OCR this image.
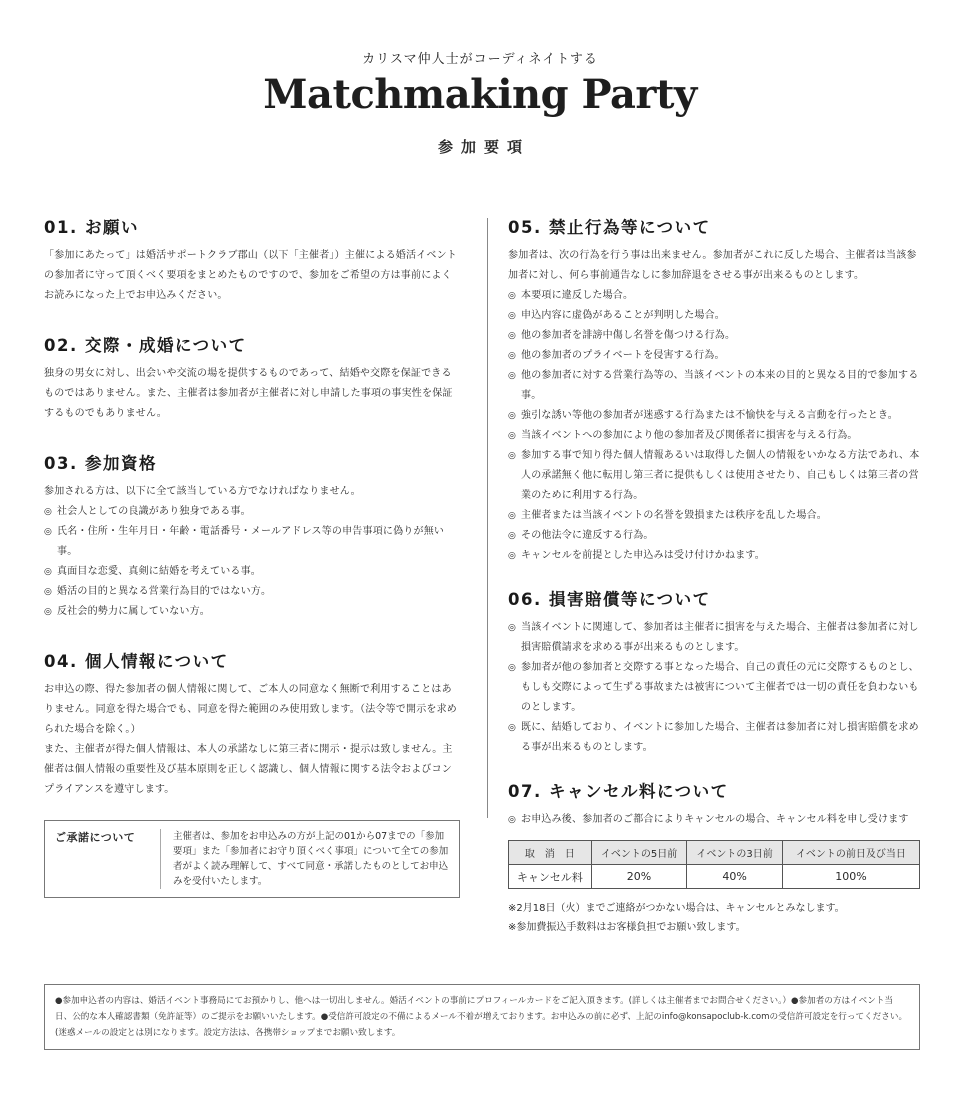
カリスマ仲人士がコーディネイトする
Matchmaking Party
参加要項
01. お願い
「参加にあたって」は婚活サポートクラブ郡山（以下「主催者」）主催による婚活イベントの参加者に守って頂くべく要項をまとめたものですので、参加をご希望の方は事前によくお読みになった上でお申込みください。
02. 交際・成婚について
独身の男女に対し、出会いや交流の場を提供するものであって、結婚や交際を保証できるものではありません。また、主催者は参加者が主催者に対し申請した事項の事実性を保証するものでもありません。
03. 参加資格
参加される方は、以下に全て該当している方でなければなりません。
◎ 社会人としての良識があり独身である事。
◎ 氏名・住所・生年月日・年齢・電話番号・メールアドレス等の申告事項に偽りが無い事。
◎ 真面目な恋愛、真剣に結婚を考えている事。
◎ 婚活の目的と異なる営業行為目的ではない方。
◎ 反社会的勢力に属していない方。
04. 個人情報について
お申込の際、得た参加者の個人情報に関して、ご本人の同意なく無断で利用することはありません。同意を得た場合でも、同意を得た範囲のみ使用致します。（法令等で開示を求められた場合を除く。）
また、主催者が得た個人情報は、本人の承諾なしに第三者に開示・提示は致しません。主催者は個人情報の重要性及び基本原則を正しく認識し、個人情報に関する法令およびコンプライアンスを遵守します。
ご承諾について	主催者は、参加をお申込みの方が上記の01から07までの「参加要項」また「参加者にお守り頂くべく事項」について全ての参加者がよく読み理解して、すべて同意・承諾したものとしてお申込みを受付いたします。
05. 禁止行為等について
参加者は、次の行為を行う事は出来ません。参加者がこれに反した場合、主催者は当該参加者に対し、何ら事前通告なしに参加辞退をさせる事が出来るものとします。
◎ 本要項に違反した場合。
◎ 申込内容に虚偽があることが判明した場合。
◎ 他の参加者を誹謗中傷し名誉を傷つける行為。
◎ 他の参加者のプライベートを侵害する行為。
◎ 他の参加者に対する営業行為等の、当該イベントの本来の目的と異なる目的で参加する事。
◎ 強引な誘い等他の参加者が迷惑する行為または不愉快を与える言動を行ったとき。
◎ 当該イベントへの参加により他の参加者及び関係者に損害を与える行為。
◎ 参加する事で知り得た個人情報あるいは取得した個人の情報をいかなる方法であれ、本人の承諾無く他に転用し第三者に提供もしくは使用させたり、自己もしくは第三者の営業のために利用する行為。
◎ 主催者または当該イベントの名誉を毀損または秩序を乱した場合。
◎ その他法令に違反する行為。
◎ キャンセルを前提とした申込みは受け付けかねます。
06. 損害賠償等について
◎ 当該イベントに関連して、参加者は主催者に損害を与えた場合、主催者は参加者に対し損害賠償請求を求める事が出来るものとします。
◎ 参加者が他の参加者と交際する事となった場合、自己の責任の元に交際するものとし、もしも交際によって生ずる事故または被害について主催者では一切の責任を負わないものとします。
◎ 既に、結婚しており、イベントに参加した場合、主催者は参加者に対し損害賠償を求める事が出来るものとします。
07. キャンセル料について
◎ お申込み後、参加者のご都合によりキャンセルの場合、キャンセル料を申し受けます
取　消　日	イベントの5日前	イベントの3日前	イベントの前日及び当日
キャンセル料	20%	40%	100%
※2月18日（火）までご連絡がつかない場合は、キャンセルとみなします。
※参加費振込手数料はお客様負担でお願い致します。
●参加申込者の内容は、婚活イベント事務局にてお預かりし、他へは一切出しません。婚活イベントの事前にプロフィールカードをご記入頂きます。(詳しくは主催者までお問合せください。）●参加者の方はイベント当日、公的な本人確認書類（免許証等）のご提示をお願いいたします。●受信許可設定の不備によるメール不着が増えております。お申込みの前に必ず、上記のinfo@konsapoclub-k.comの受信許可設定を行ってください。(迷惑メールの設定とは別になります。設定方法は、各携帯ショップまでお願い致します。
